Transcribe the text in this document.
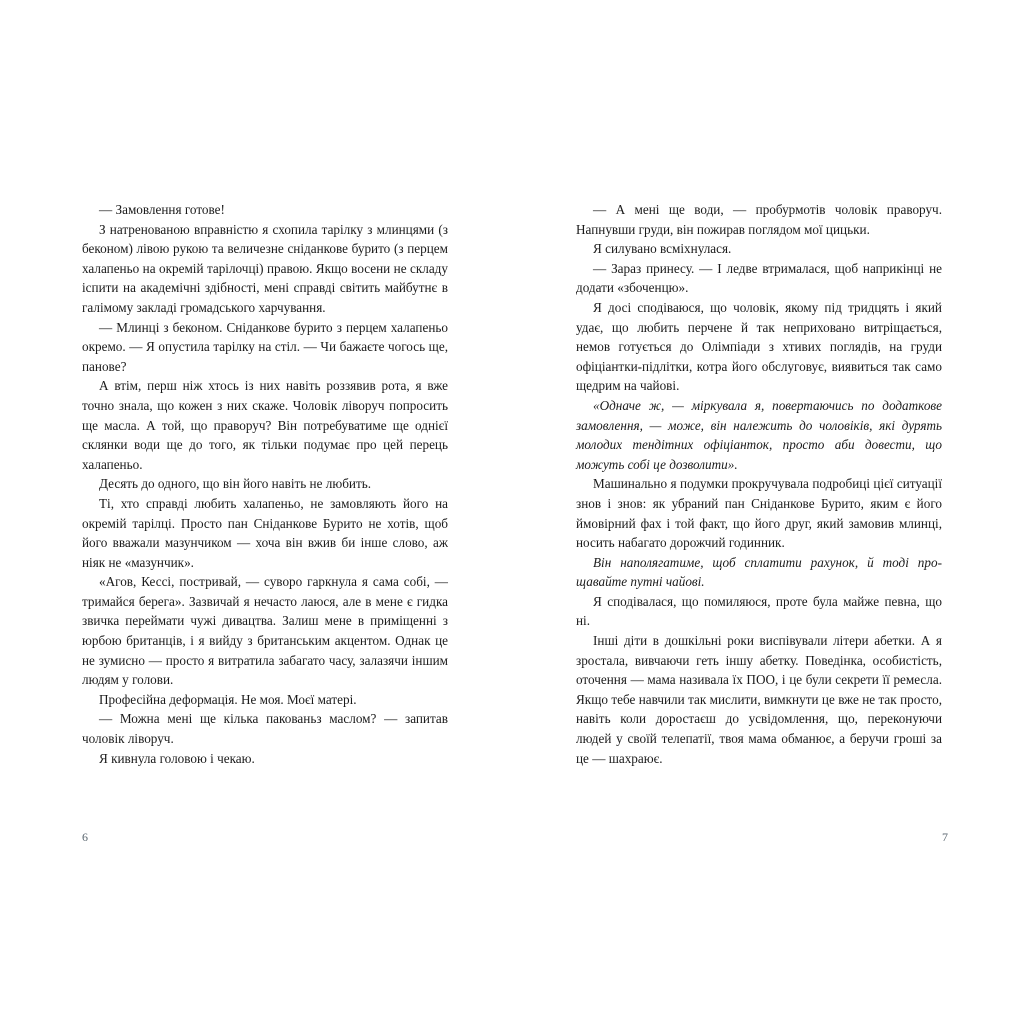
— Замовлення готове!

З натренованою вправністю я схопила тарілку з млинцями (з беконом) лівою рукою та величезне сніданкове бурито (з перцем халапеньо на окремій тарілочці) правою. Якщо восени не складу іспити на академічні здібності, мені справді світить майбутнє в галімому закладі громадського харчування.

— Млинці з беконом. Сніданкове бурито з перцем халапеньо окремо. — Я опустила тарілку на стіл. — Чи бажаєте чогось ще, панове?

А втім, перш ніж хтось із них навіть роззявив рота, я вже точно знала, що кожен з них скаже. Чоловік ліворуч попросить ще масла. А той, що праворуч? Він потребуватиме ще однієї склянки води ще до того, як тільки подумає про цей перець халапеньо.

Десять до одного, що він його навіть не любить.

Ті, хто справді любить халапеньо, не замовляють його на окремій тарілці. Просто пан Сніданкове Бурито не хотів, щоб його вважали мазунчиком — хоча він вжив би інше слово, аж ніяк не «мазунчик».

«Агов, Кессі, постривай, — суворо гаркнула я сама собі, — тримайся берега». Зазвичай я нечасто лаюся, але в мене є гидка звичка переймати чужі дивацтва. Залиш мене в приміщенні з юрбою британців, і я вийду з британським акцентом. Однак це не зумисно — просто я витратила забагато часу, залазячи іншим людям у голови.

Професійна деформація. Не моя. Моєї матері.

— Можна мені ще кілька пакованьз маслом? — запитав чоловік ліворуч.

Я кивнула головою і чекаю.

— А мені ще води, — пробурмотів чоловік праворуч. Напнувши груди, він пожирав поглядом мої цицьки.

Я силувано всміхнулася.

— Зараз принесу. — І ледве втрималася, щоб наприкінці не додати «збоченцю».

Я досі сподіваюся, що чоловік, якому під тридцять і який удає, що любить перчене й так неприховано витріщається, немов готується до Олімпіади з хтивих поглядів, на груди офіціантки-підлітки, котра його обслуговує, виявиться так само щедрим на чайові.

«Одначе ж, — міркувала я, повертаючись по додаткове замовлення, — може, він належить до чоловіків, які дурять молодих тендітних офіціанток, просто аби довести, що можуть собі це дозволити».

Машинально я подумки прокручувала подробиці цієї ситуації знов і знов: як убраний пан Сніданкове Бурито, яким є його ймовірний фах і той факт, що його друг, який замовив млинці, носить набагато дорожчий годинник.

Він наполягатиме, щоб сплатити рахунок, й тоді прощавайте путні чайові.

Я сподівалася, що помиляюся, проте була майже певна, що ні.

Інші діти в дошкільні роки виспівували літери абетки. А я зростала, вивчаючи геть іншу абетку. Поведінка, особистість, оточення — мама називала їх ПОО, і це були секрети її ремесла. Якщо тебе навчили так мислити, вимкнути це вже не так просто, навіть коли доростаєш до усвідомлення, що, переконуючи людей у своїй телепатії, твоя мама обманює, а беручи гроші за це — шахраює.

6	7
